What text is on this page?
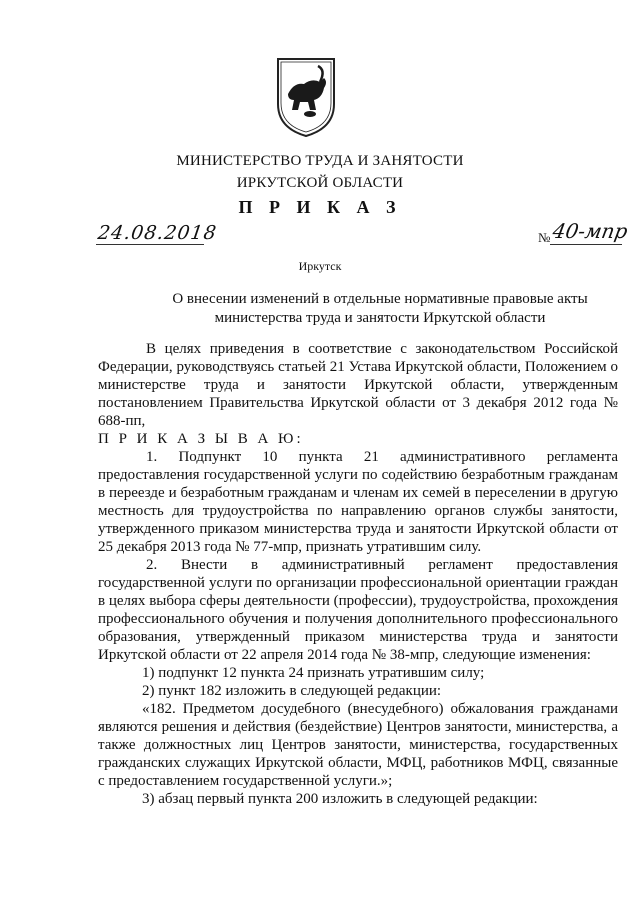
МИНИСТЕРСТВО ТРУДА И ЗАНЯТОСТИ
ИРКУТСКОЙ ОБЛАСТИ
П Р И К А З
24.08.2018	№ 40-мпр
Иркутск
О внесении изменений в отдельные нормативные правовые акты
министерства труда и занятости Иркутской области

В целях приведения в соответствие с законодательством Российской Федерации, руководствуясь статьей 21 Устава Иркутской области, Положением о министерстве труда и занятости Иркутской области, утвержденным постановлением Правительства Иркутской области от 3 декабря 2012 года № 688-пп,

П Р И К А З Ы В А Ю:

1. Подпункт 10 пункта 21 административного регламента предоставления государственной услуги по содействию безработным гражданам в переезде и безработным гражданам и членам их семей в переселении в другую местность для трудоустройства по направлению органов службы занятости, утвержденного приказом министерства труда и занятости Иркутской области от 25 декабря 2013 года № 77-мпр, признать утратившим силу.

2. Внести в административный регламент предоставления государственной услуги по организации профессиональной ориентации граждан в целях выбора сферы деятельности (профессии), трудоустройства, прохождения профессионального обучения и получения дополнительного профессионального образования, утвержденный приказом министерства труда и занятости Иркутской области от 22 апреля 2014 года № 38-мпр, следующие изменения:

1) подпункт 12 пункта 24 признать утратившим силу;

2) пункт 182 изложить в следующей редакции:

«182. Предметом досудебного (внесудебного) обжалования гражданами являются решения и действия (бездействие) Центров занятости, министерства, а также должностных лиц Центров занятости, министерства, государственных гражданских служащих Иркутской области, МФЦ, работников МФЦ, связанные с предоставлением государственной услуги.»;

3) абзац первый пункта 200 изложить в следующей редакции:
